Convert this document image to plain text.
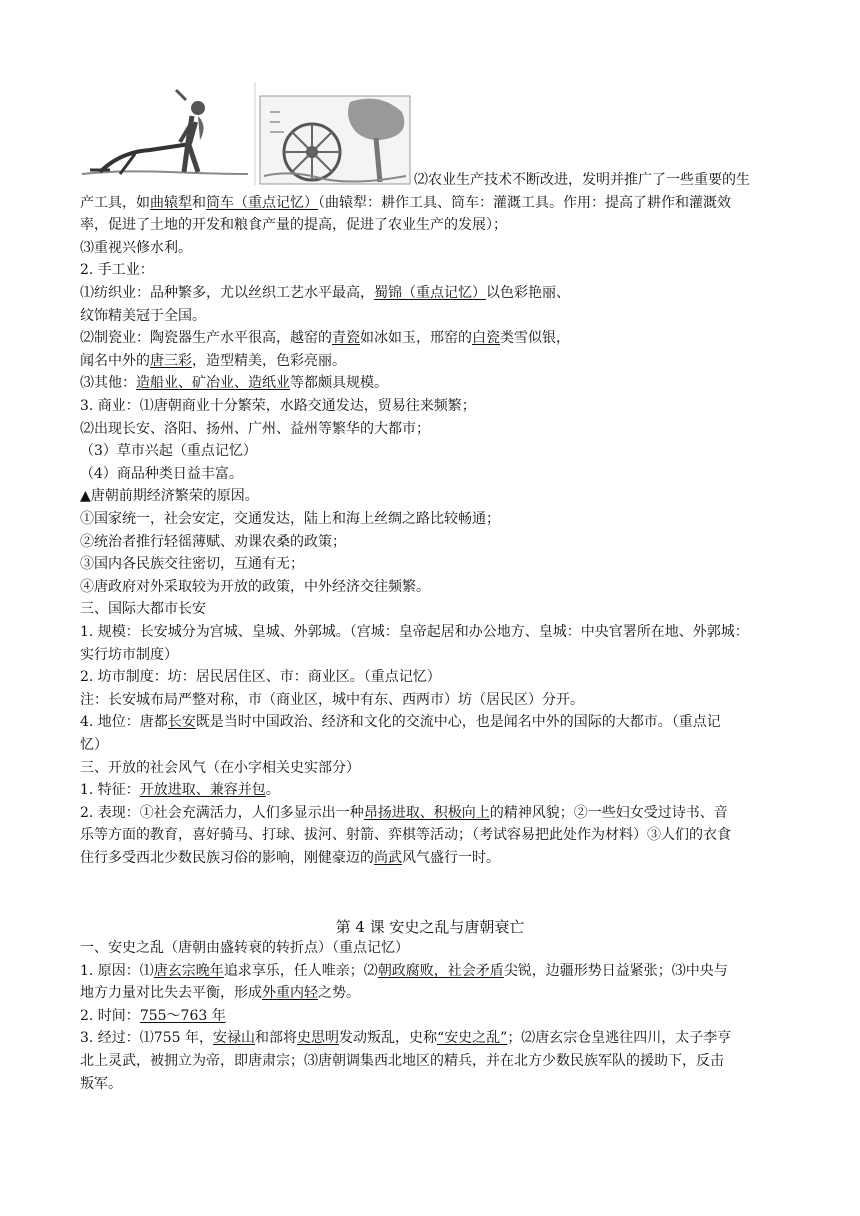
⑵农业生产技术不断改进，发明并推广了一些重要的生
产工具，如曲辕犁和筒车（重点记忆）（曲辕犁：耕作工具、筒车：灌溉工具。作用：提高了耕作和灌溉效
率，促进了土地的开发和粮食产量的提高，促进了农业生产的发展）；
⑶重视兴修水利。
2. 手工业：
⑴纺织业：品种繁多，尤以丝织工艺水平最高，蜀锦（重点记忆）以色彩艳丽、
纹饰精美冠于全国。
⑵制瓷业：陶瓷器生产水平很高，越窑的青瓷如冰如玉，邢窑的白瓷类雪似银，
闻名中外的唐三彩，造型精美，色彩亮丽。
⑶其他：造船业、矿冶业、造纸业等都颇具规模。
3. 商业：⑴唐朝商业十分繁荣，水路交通发达，贸易往来频繁；
⑵出现长安、洛阳、扬州、广州、益州等繁华的大都市；
（3）草市兴起（重点记忆）
（4）商品种类日益丰富。
▲唐朝前期经济繁荣的原因。
①国家统一，社会安定，交通发达，陆上和海上丝绸之路比较畅通；
②统治者推行轻徭薄赋、劝课农桑的政策；
③国内各民族交往密切，互通有无；
④唐政府对外采取较为开放的政策，中外经济交往频繁。
三、国际大都市长安
1. 规模：长安城分为宫城、皇城、外郭城。（宫城：皇帝起居和办公地方、皇城：中央官署所在地、外郭城：
实行坊市制度）
2. 坊市制度：坊：居民居住区、市：商业区。（重点记忆）
注：长安城布局严整对称，市（商业区，城中有东、西两市）坊（居民区）分开。
4. 地位：唐都长安既是当时中国政治、经济和文化的交流中心，也是闻名中外的国际的大都市。（重点记
忆）
三、开放的社会风气（在小字相关史实部分）
1. 特征：开放进取、兼容并包。
2. 表现：①社会充满活力，人们多显示出一种昂扬进取、积极向上的精神风貌；②一些妇女受过诗书、音
乐等方面的教育，喜好骑马、打球、拔河、射箭、弈棋等活动；（考试容易把此处作为材料）③人们的衣食
住行多受西北少数民族习俗的影响，刚健豪迈的尚武风气盛行一时。
第 4 课 安史之乱与唐朝衰亡
一、安史之乱（唐朝由盛转衰的转折点）（重点记忆）
1. 原因：⑴唐玄宗晚年追求享乐，任人唯亲；⑵朝政腐败，社会矛盾尖锐，边疆形势日益紧张；⑶中央与
地方力量对比失去平衡，形成外重内轻之势。
2. 时间：755～763 年
3. 经过：⑴755 年，安禄山和部将史思明发动叛乱，史称“安史之乱”；⑵唐玄宗仓皇逃往四川，太子李亨
北上灵武，被拥立为帝，即唐肃宗；⑶唐朝调集西北地区的精兵，并在北方少数民族军队的援助下，反击
叛军。
